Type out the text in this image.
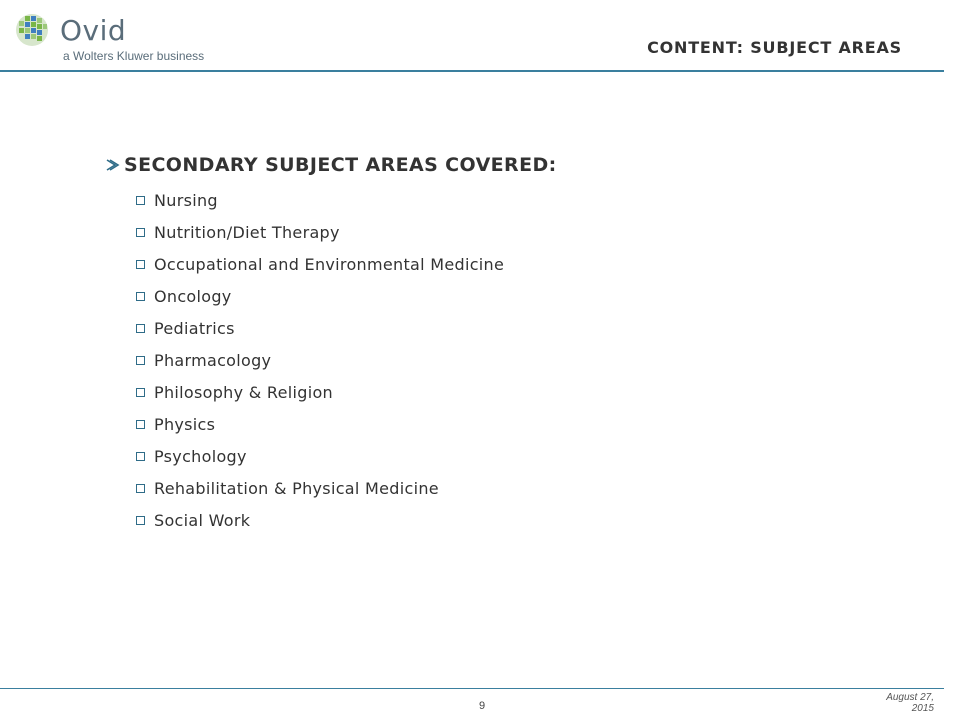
Ovid
a Wolters Kluwer business	CONTENT: SUBJECT AREAS
SECONDARY SUBJECT AREAS COVERED:
Nursing
Nutrition/Diet Therapy
Occupational and Environmental Medicine
Oncology
Pediatrics
Pharmacology
Philosophy & Religion
Physics
Psychology
Rehabilitation & Physical Medicine
Social Work
9
August 27,
2015
